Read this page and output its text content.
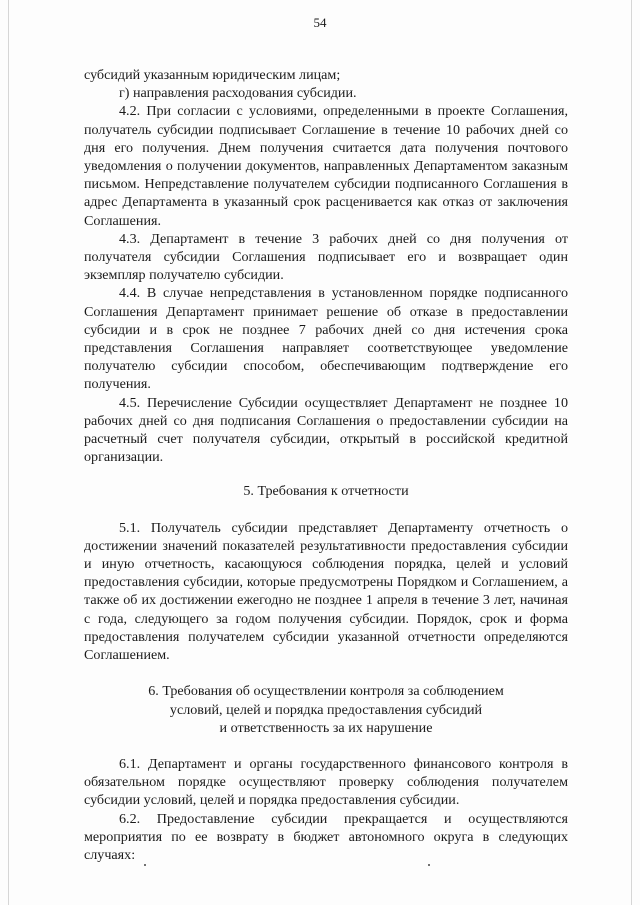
54

субсидий указанным юридическим лицам;

г) направления расходования субсидии.

4.2. При согласии с условиями, определенными в проекте Соглашения, получатель субсидии подписывает Соглашение в течение 10 рабочих дней со дня его получения. Днем получения считается дата получения почтового уведомления о получении документов, направленных Департаментом заказным письмом. Непредставление получателем субсидии подписанного Соглашения в адрес Департамента в указанный срок расценивается как отказ от заключения Соглашения.

4.3. Департамент в течение 3 рабочих дней со дня получения от получателя субсидии Соглашения подписывает его и возвращает один экземпляр получателю субсидии.

4.4. В случае непредставления в установленном порядке подписанного Соглашения Департамент принимает решение об отказе в предоставлении субсидии и в срок не позднее 7 рабочих дней со дня истечения срока представления Соглашения направляет соответствующее уведомление получателю субсидии способом, обеспечивающим подтверждение его получения.

4.5. Перечисление Субсидии осуществляет Департамент не позднее 10 рабочих дней со дня подписания Соглашения о предоставлении субсидии на расчетный счет получателя субсидии, открытый в российской кредитной организации.

5. Требования к отчетности

5.1. Получатель субсидии представляет Департаменту отчетность о достижении значений показателей результативности предоставления субсидии и иную отчетность, касающуюся соблюдения порядка, целей и условий предоставления субсидии, которые предусмотрены Порядком и Соглашением, а также об их достижении ежегодно не позднее 1 апреля в течение 3 лет, начиная с года, следующего за годом получения субсидии. Порядок, срок и форма предоставления получателем субсидии указанной отчетности определяются Соглашением.

6. Требования об осуществлении контроля за соблюдением
условий, целей и порядка предоставления субсидий
и ответственность за их нарушение

6.1. Департамент и органы государственного финансового контроля в обязательном порядке осуществляют проверку соблюдения получателем субсидии условий, целей и порядка предоставления субсидии.

6.2. Предоставление субсидии прекращается и осуществляются мероприятия по ее возврату в бюджет автономного округа в следующих случаях:
